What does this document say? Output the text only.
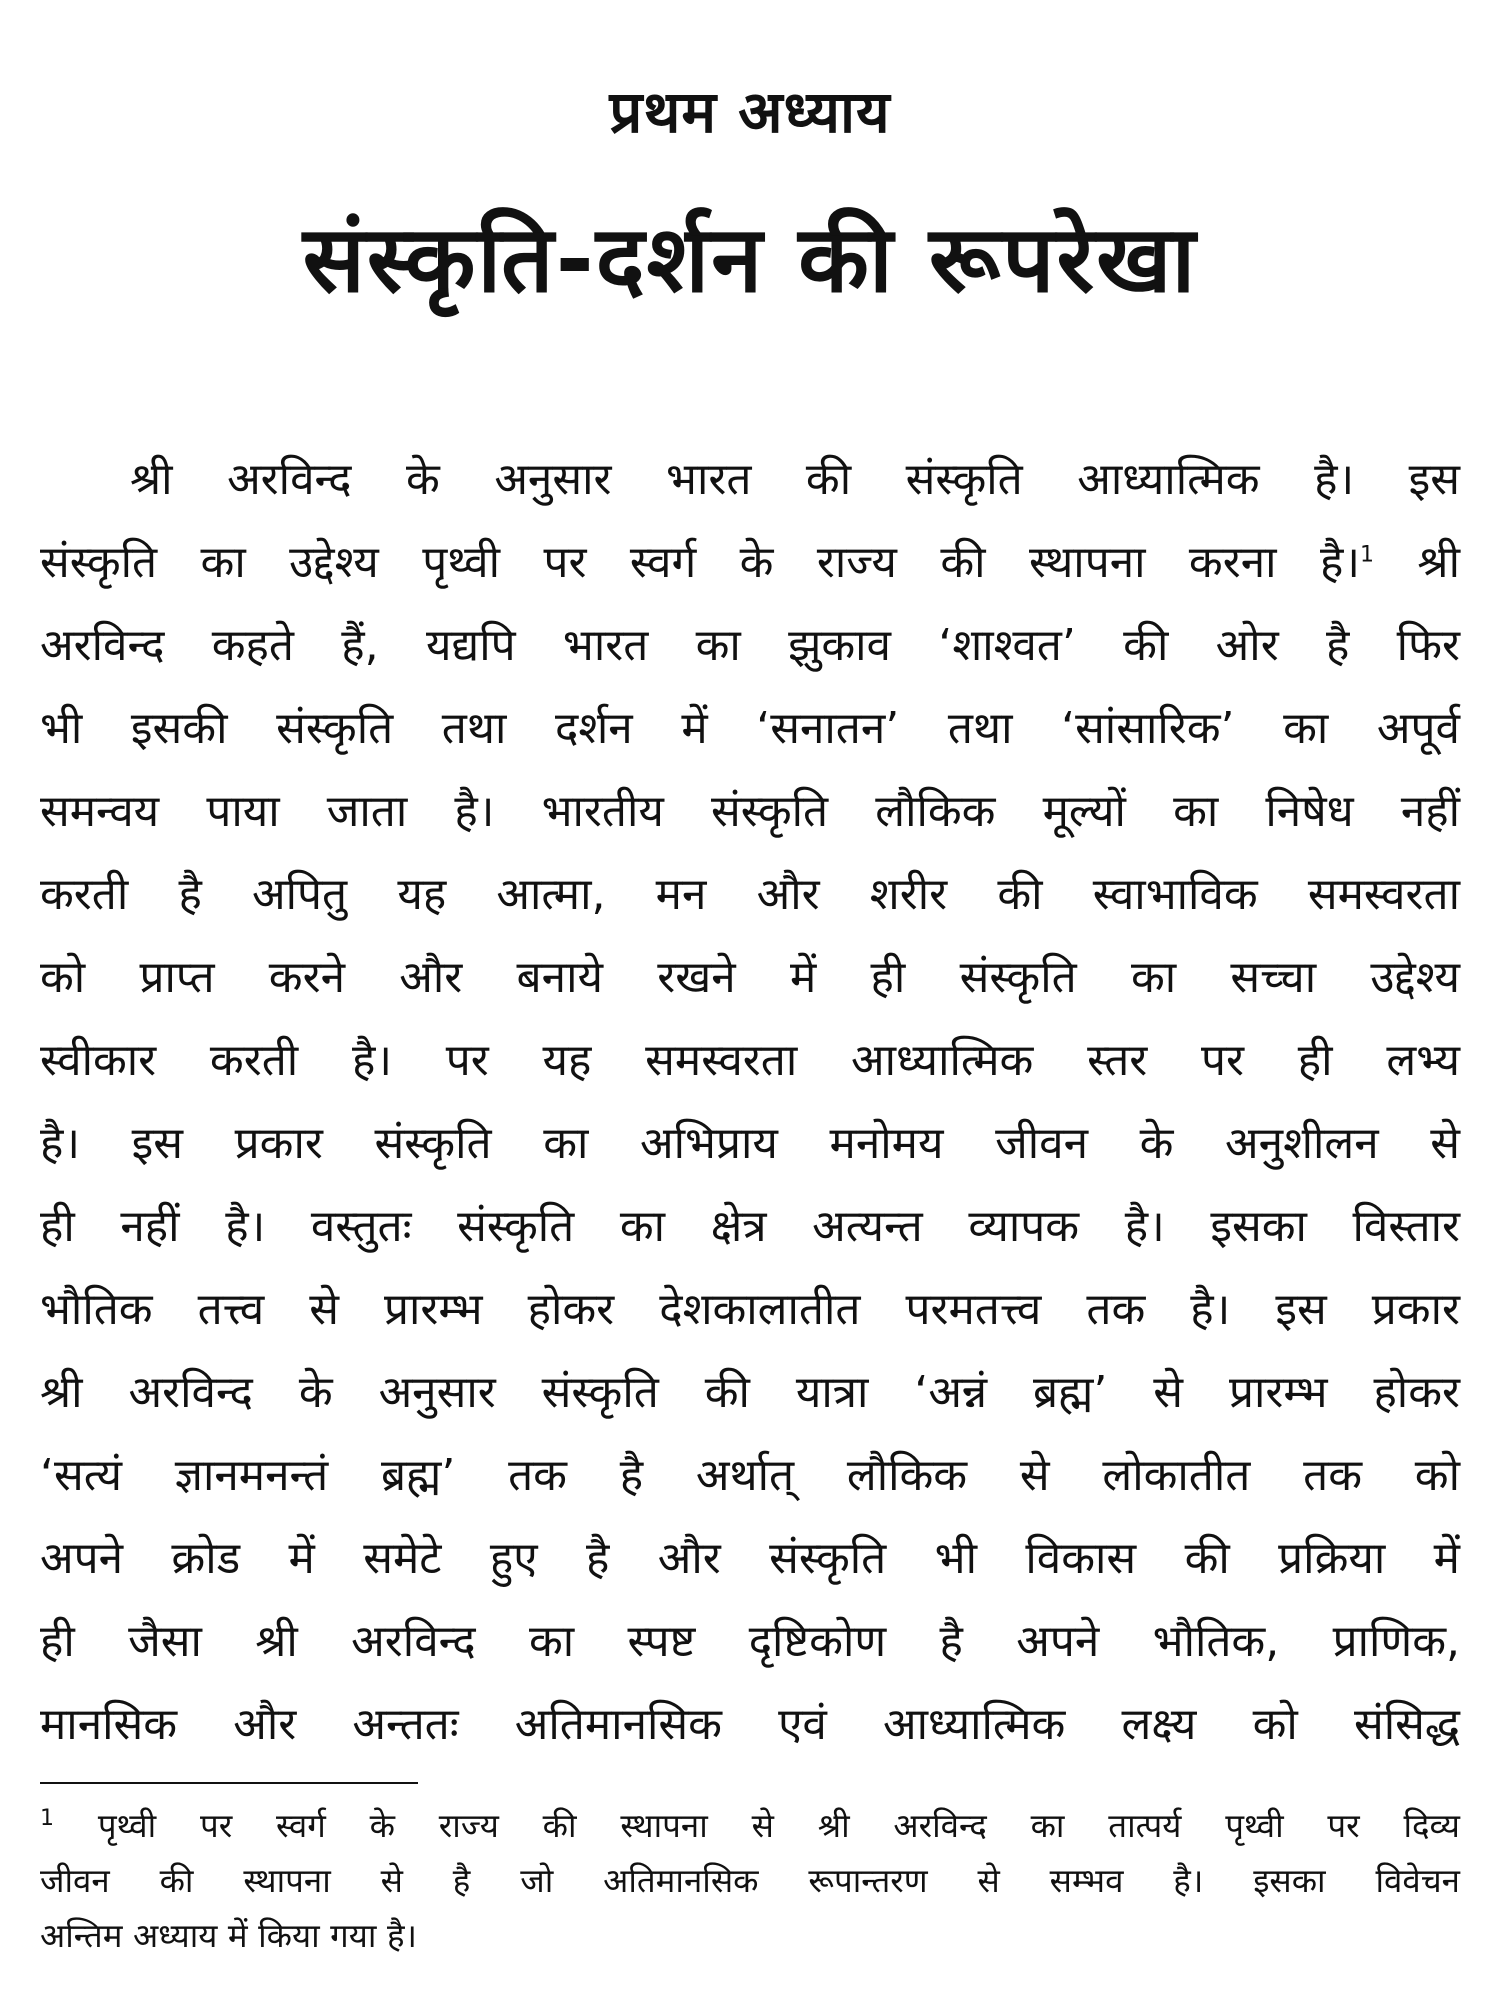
प्रथम अध्याय
संस्कृति-दर्शन की रूपरेखा
श्री अरविन्द के अनुसार भारत की संस्कृति आध्यात्मिक है। इस
संस्कृति का उद्देश्य पृथ्वी पर स्वर्ग के राज्य की स्थापना करना है।$^1$ श्री
अरविन्द कहते हैं, यद्यपि भारत का झुकाव ‘शाश्वत’ की ओर है फिर
भी इसकी संस्कृति तथा दर्शन में ‘सनातन’ तथा ‘सांसारिक’ का अपूर्व
समन्वय पाया जाता है। भारतीय संस्कृति लौकिक मूल्यों का निषेध नहीं
करती है अपितु यह आत्मा, मन और शरीर की स्वाभाविक समस्वरता
को प्राप्त करने और बनाये रखने में ही संस्कृति का सच्चा उद्देश्य
स्वीकार करती है। पर यह समस्वरता आध्यात्मिक स्तर पर ही लभ्य
है। इस प्रकार संस्कृति का अभिप्राय मनोमय जीवन के अनुशीलन से
ही नहीं है। वस्तुतः संस्कृति का क्षेत्र अत्यन्त व्यापक है। इसका विस्तार
भौतिक तत्त्व से प्रारम्भ होकर देशकालातीत परमतत्त्व तक है। इस प्रकार
श्री अरविन्द के अनुसार संस्कृति की यात्रा ‘अन्नं ब्रह्म’ से प्रारम्भ होकर
‘सत्यं ज्ञानमनन्तं ब्रह्म’ तक है अर्थात् लौकिक से लोकातीत तक को
अपने क्रोड में समेटे हुए है और संस्कृति भी विकास की प्रक्रिया में
ही जैसा श्री अरविन्द का स्पष्ट दृष्टिकोण है अपने भौतिक, प्राणिक,
मानसिक और अन्ततः अतिमानसिक एवं आध्यात्मिक लक्ष्य को संसिद्ध
$^1$ पृथ्वी पर स्वर्ग के राज्य की स्थापना से श्री अरविन्द का तात्पर्य पृथ्वी पर दिव्य
जीवन की स्थापना से है जो अतिमानसिक रूपान्तरण से सम्भव है। इसका विवेचन
अन्तिम अध्याय में किया गया है।
